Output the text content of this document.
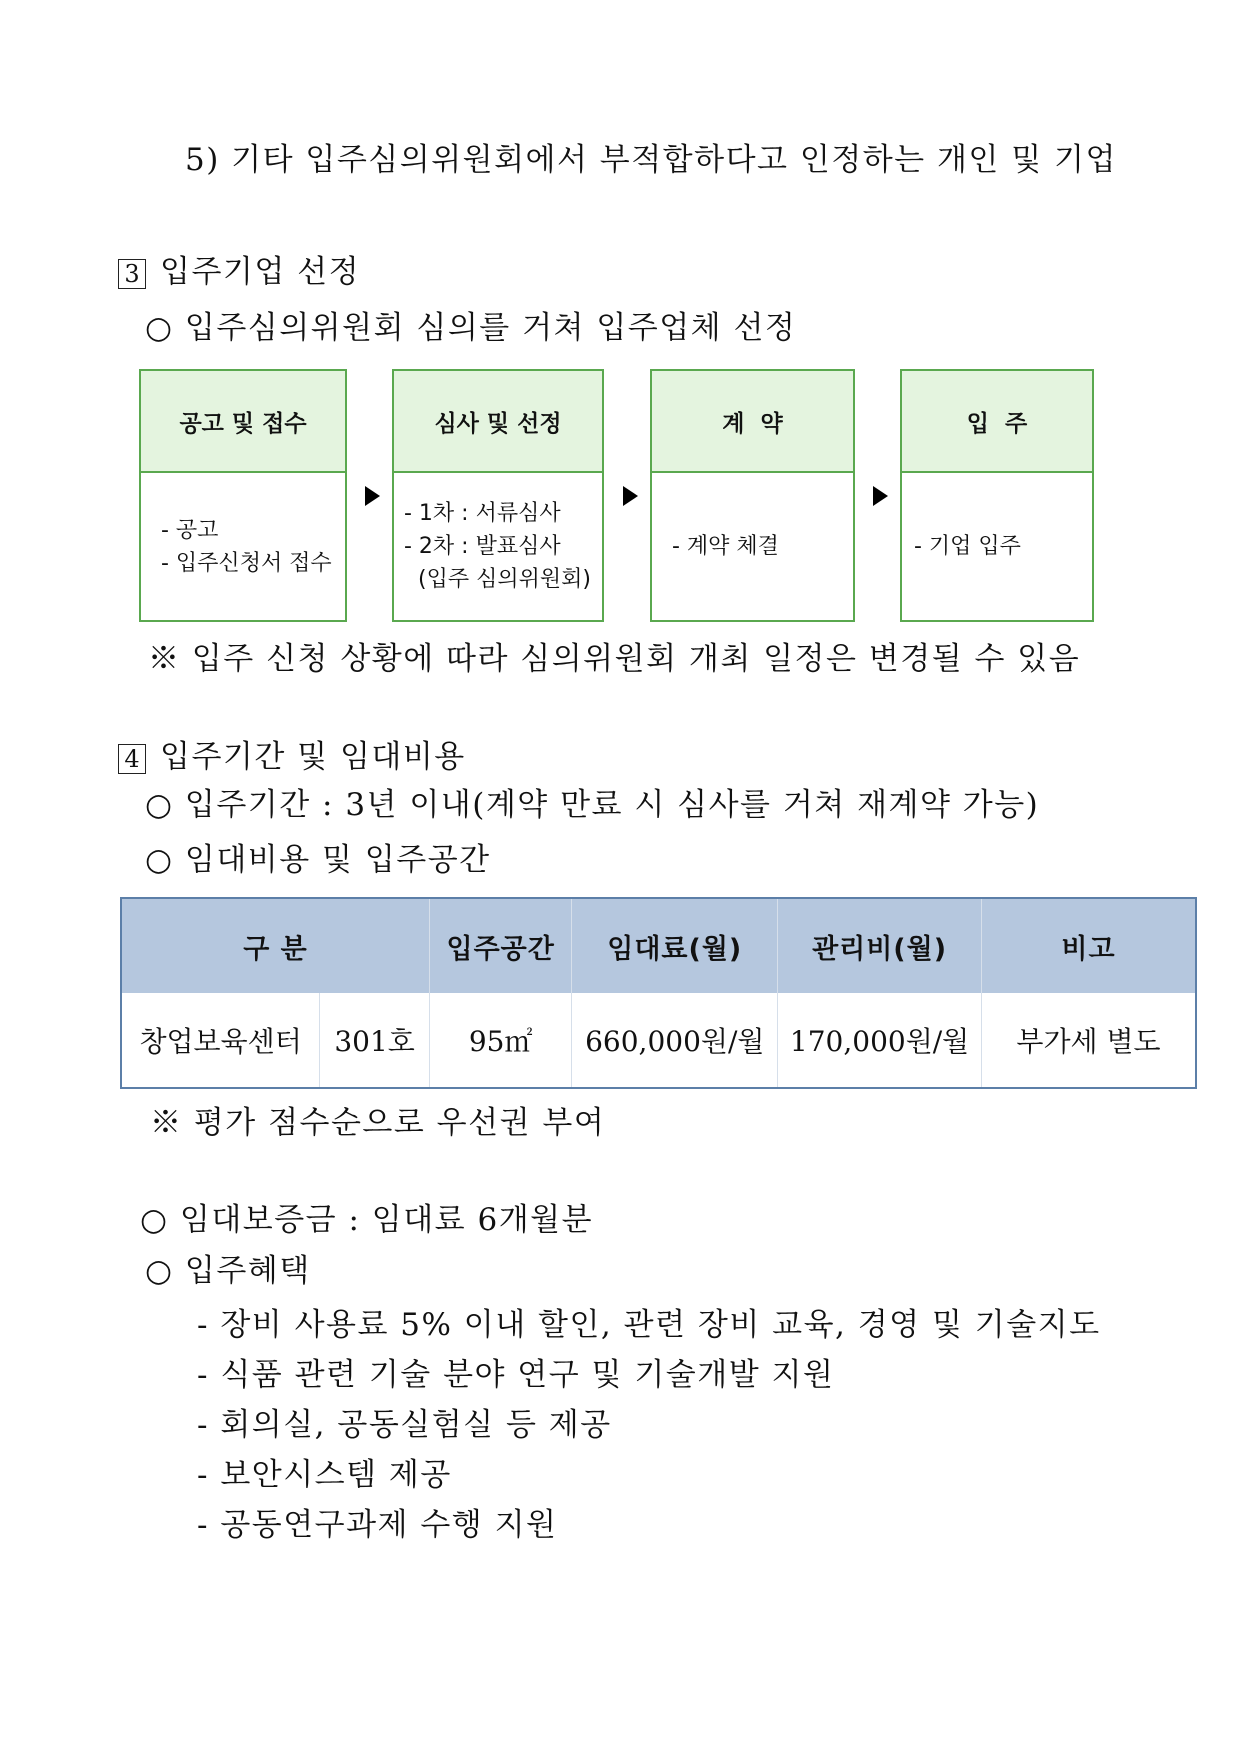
5) 기타 입주심의위원회에서 부적합하다고 인정하는 개인 및 기업
3 입주기업 선정
○ 입주심의위원회 심의를 거쳐 입주업체 선정
공고 및 접수
- 공고
- 입주신청서 접수
심사 및 선정
- 1차 : 서류심사
- 2차 : 발표심사
(입주 심의위원회)
계  약
- 계약 체결
입  주
- 기업 입주
※ 입주 신청 상황에 따라 심의위원회 개최 일정은 변경될 수 있음
4 입주기간 및 임대비용
○ 입주기간 : 3년 이내(계약 만료 시 심사를 거쳐 재계약 가능)
○ 임대비용 및 입주공간
구 분		입주공간	임대료(월)	관리비(월)	비고
창업보육센터	301호	95㎡	660,000원/월	170,000원/월	부가세 별도
※ 평가 점수순으로 우선권 부여
○ 임대보증금 : 임대료 6개월분
○ 입주혜택
- 장비 사용료 5% 이내 할인, 관련 장비 교육, 경영 및 기술지도
- 식품 관련 기술 분야 연구 및 기술개발 지원
- 회의실, 공동실험실 등 제공
- 보안시스템 제공
- 공동연구과제 수행 지원
